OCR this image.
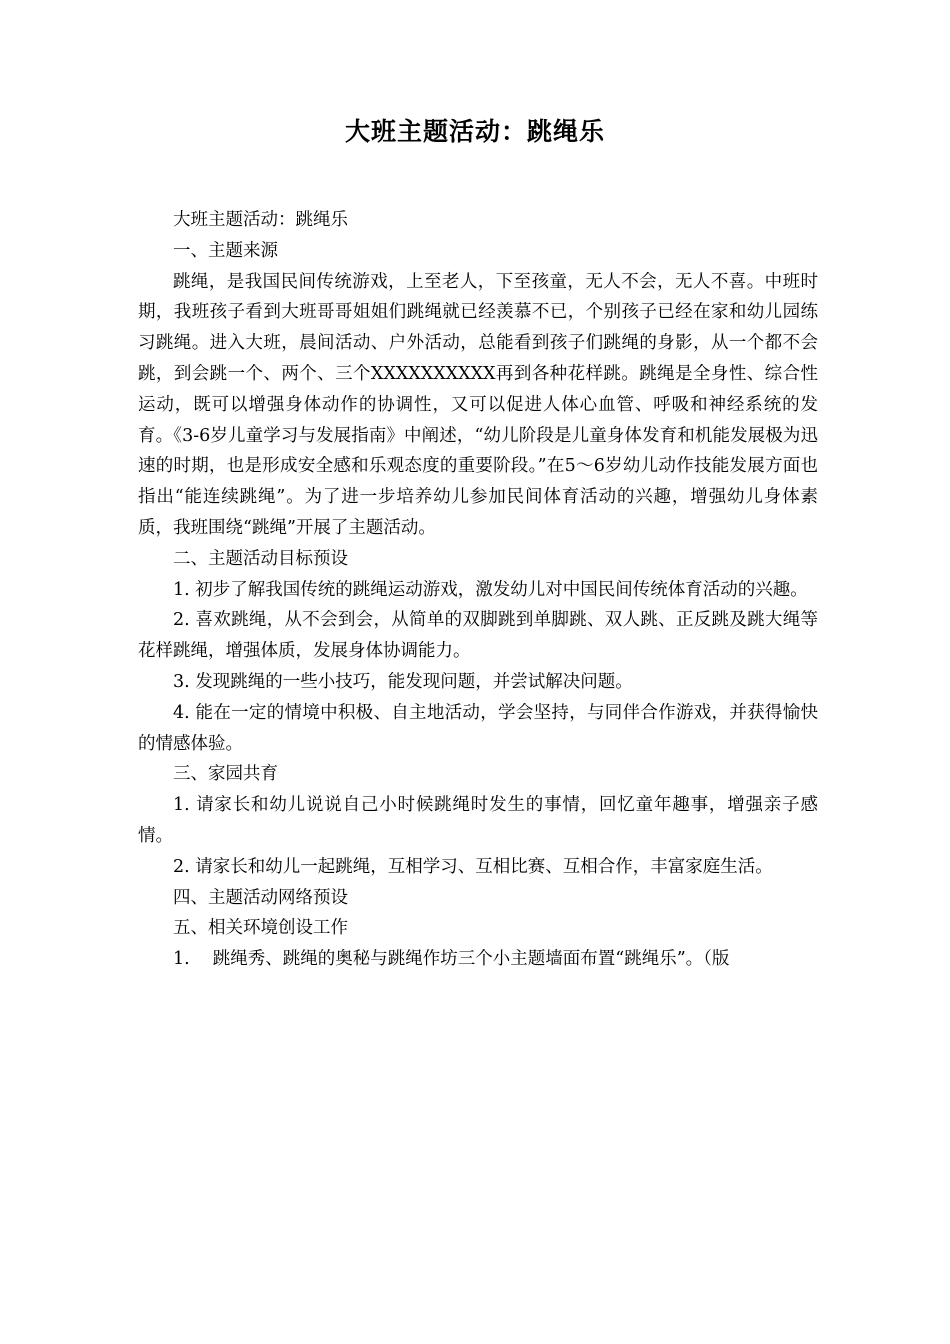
大班主题活动：跳绳乐

大班主题活动：跳绳乐

一、主题来源

跳绳，是我国民间传统游戏，上至老人，下至孩童，无人不会，无人不喜。中班时期，我班孩子看到大班哥哥姐姐们跳绳就已经羡慕不已，个别孩子已经在家和幼儿园练习跳绳。进入大班，晨间活动、户外活动，总能看到孩子们跳绳的身影，从一个都不会跳，到会跳一个、两个、三个XXXXXXXXXX再到各种花样跳。跳绳是全身性、综合性运动，既可以增强身体动作的协调性，又可以促进人体心血管、呼吸和神经系统的发育。《3-6岁儿童学习与发展指南》中阐述，“幼儿阶段是儿童身体发育和机能发展极为迅速的时期，也是形成安全感和乐观态度的重要阶段。”在5～6岁幼儿动作技能发展方面也指出“能连续跳绳”。为了进一步培养幼儿参加民间体育活动的兴趣，增强幼儿身体素质，我班围绕“跳绳”开展了主题活动。

二、主题活动目标预设

1. 初步了解我国传统的跳绳运动游戏，激发幼儿对中国民间传统体育活动的兴趣。

2. 喜欢跳绳，从不会到会，从简单的双脚跳到单脚跳、双人跳、正反跳及跳大绳等花样跳绳，增强体质，发展身体协调能力。

3. 发现跳绳的一些小技巧，能发现问题，并尝试解决问题。

4. 能在一定的情境中积极、自主地活动，学会坚持，与同伴合作游戏，并获得愉快的情感体验。

三、家园共育

1. 请家长和幼儿说说自己小时候跳绳时发生的事情，回忆童年趣事，增强亲子感情。

2. 请家长和幼儿一起跳绳，互相学习、互相比赛、互相合作，丰富家庭生活。

四、主题活动网络预设

五、相关环境创设工作

1.　 跳绳秀、跳绳的奥秘与跳绳作坊三个小主题墙面布置“跳绳乐”。（版
